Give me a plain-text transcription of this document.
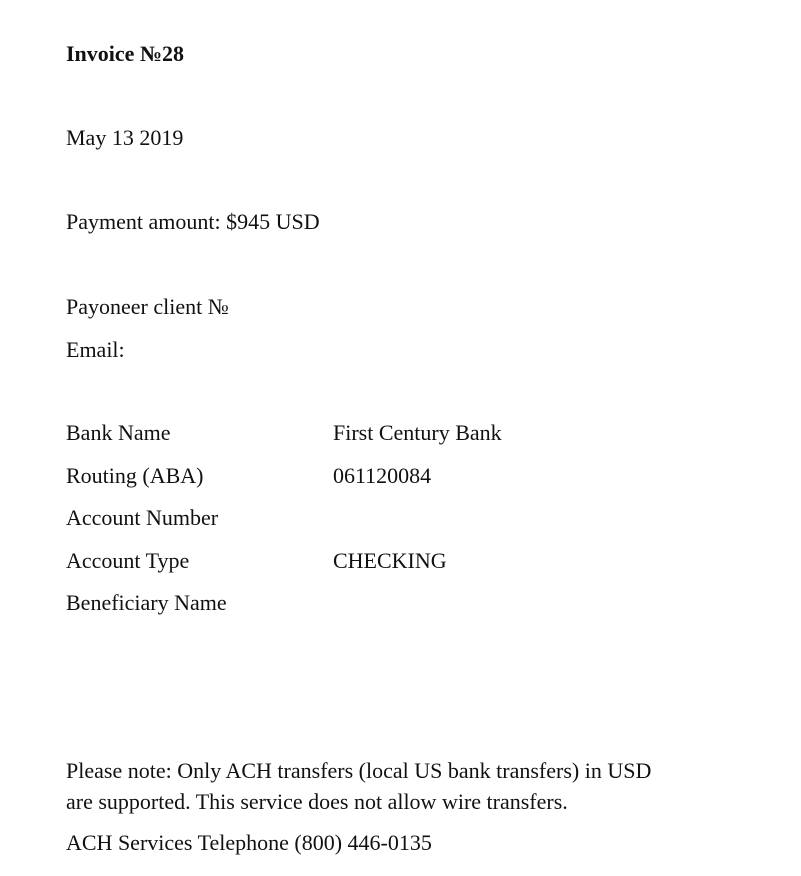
Invoice №28
May 13 2019
Payment amount: $945 USD
Payoneer client №
Email:
Bank Name	First Century Bank
Routing (ABA)	061120084
Account Number
Account Type	CHECKING
Beneficiary Name
Please note: Only ACH transfers (local US bank transfers) in USD
are supported. This service does not allow wire transfers.
ACH Services Telephone (800) 446-0135
